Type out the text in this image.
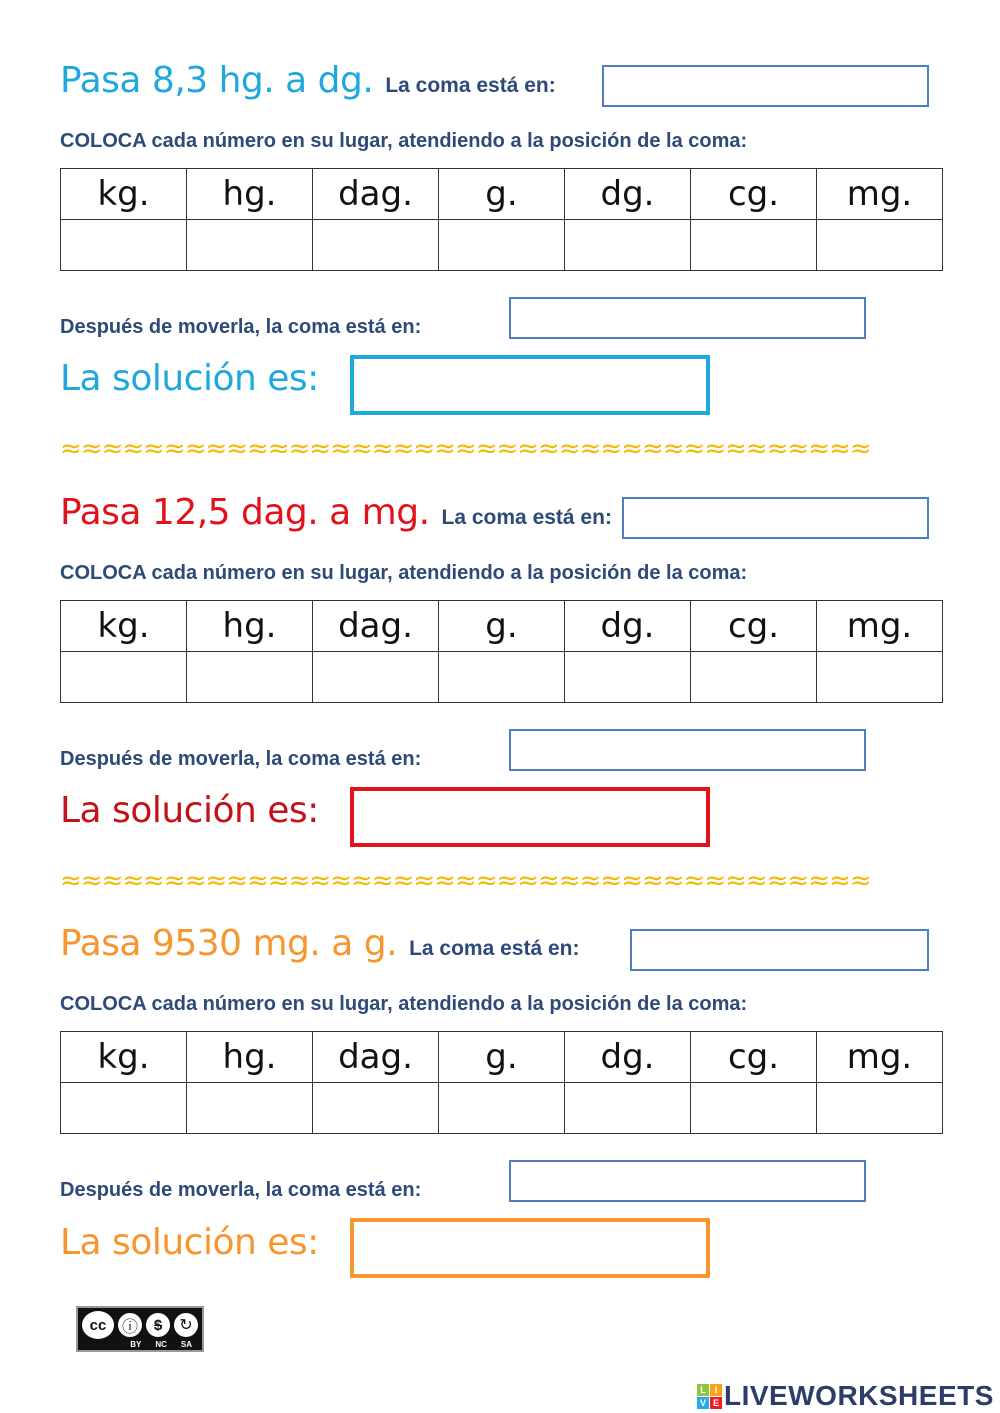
Pasa 8,3 hg. a dg. La coma está en:
COLOCA cada número en su lugar, atendiendo a la posición de la coma:
kg.	hg.	dag.	g.	dg.	cg.	mg.

Después de moverla, la coma está en:
La solución es:
≈≈≈≈≈≈≈≈≈≈≈≈≈≈≈≈≈≈≈≈≈≈≈≈≈≈≈≈≈≈≈≈≈≈≈≈≈≈≈
Pasa 12,5 dag. a mg. La coma está en:
COLOCA cada número en su lugar, atendiendo a la posición de la coma:
kg.	hg.	dag.	g.	dg.	cg.	mg.

Después de moverla, la coma está en:
La solución es:
≈≈≈≈≈≈≈≈≈≈≈≈≈≈≈≈≈≈≈≈≈≈≈≈≈≈≈≈≈≈≈≈≈≈≈≈≈≈≈
Pasa 9530 mg. a g. La coma está en:
COLOCA cada número en su lugar, atendiendo a la posición de la coma:
kg.	hg.	dag.	g.	dg.	cg.	mg.

Después de moverla, la coma está en:
La solución es:
cc ⓘ	$	↻
BY NC SA
L I
V E LIVEWORKSHEETS
